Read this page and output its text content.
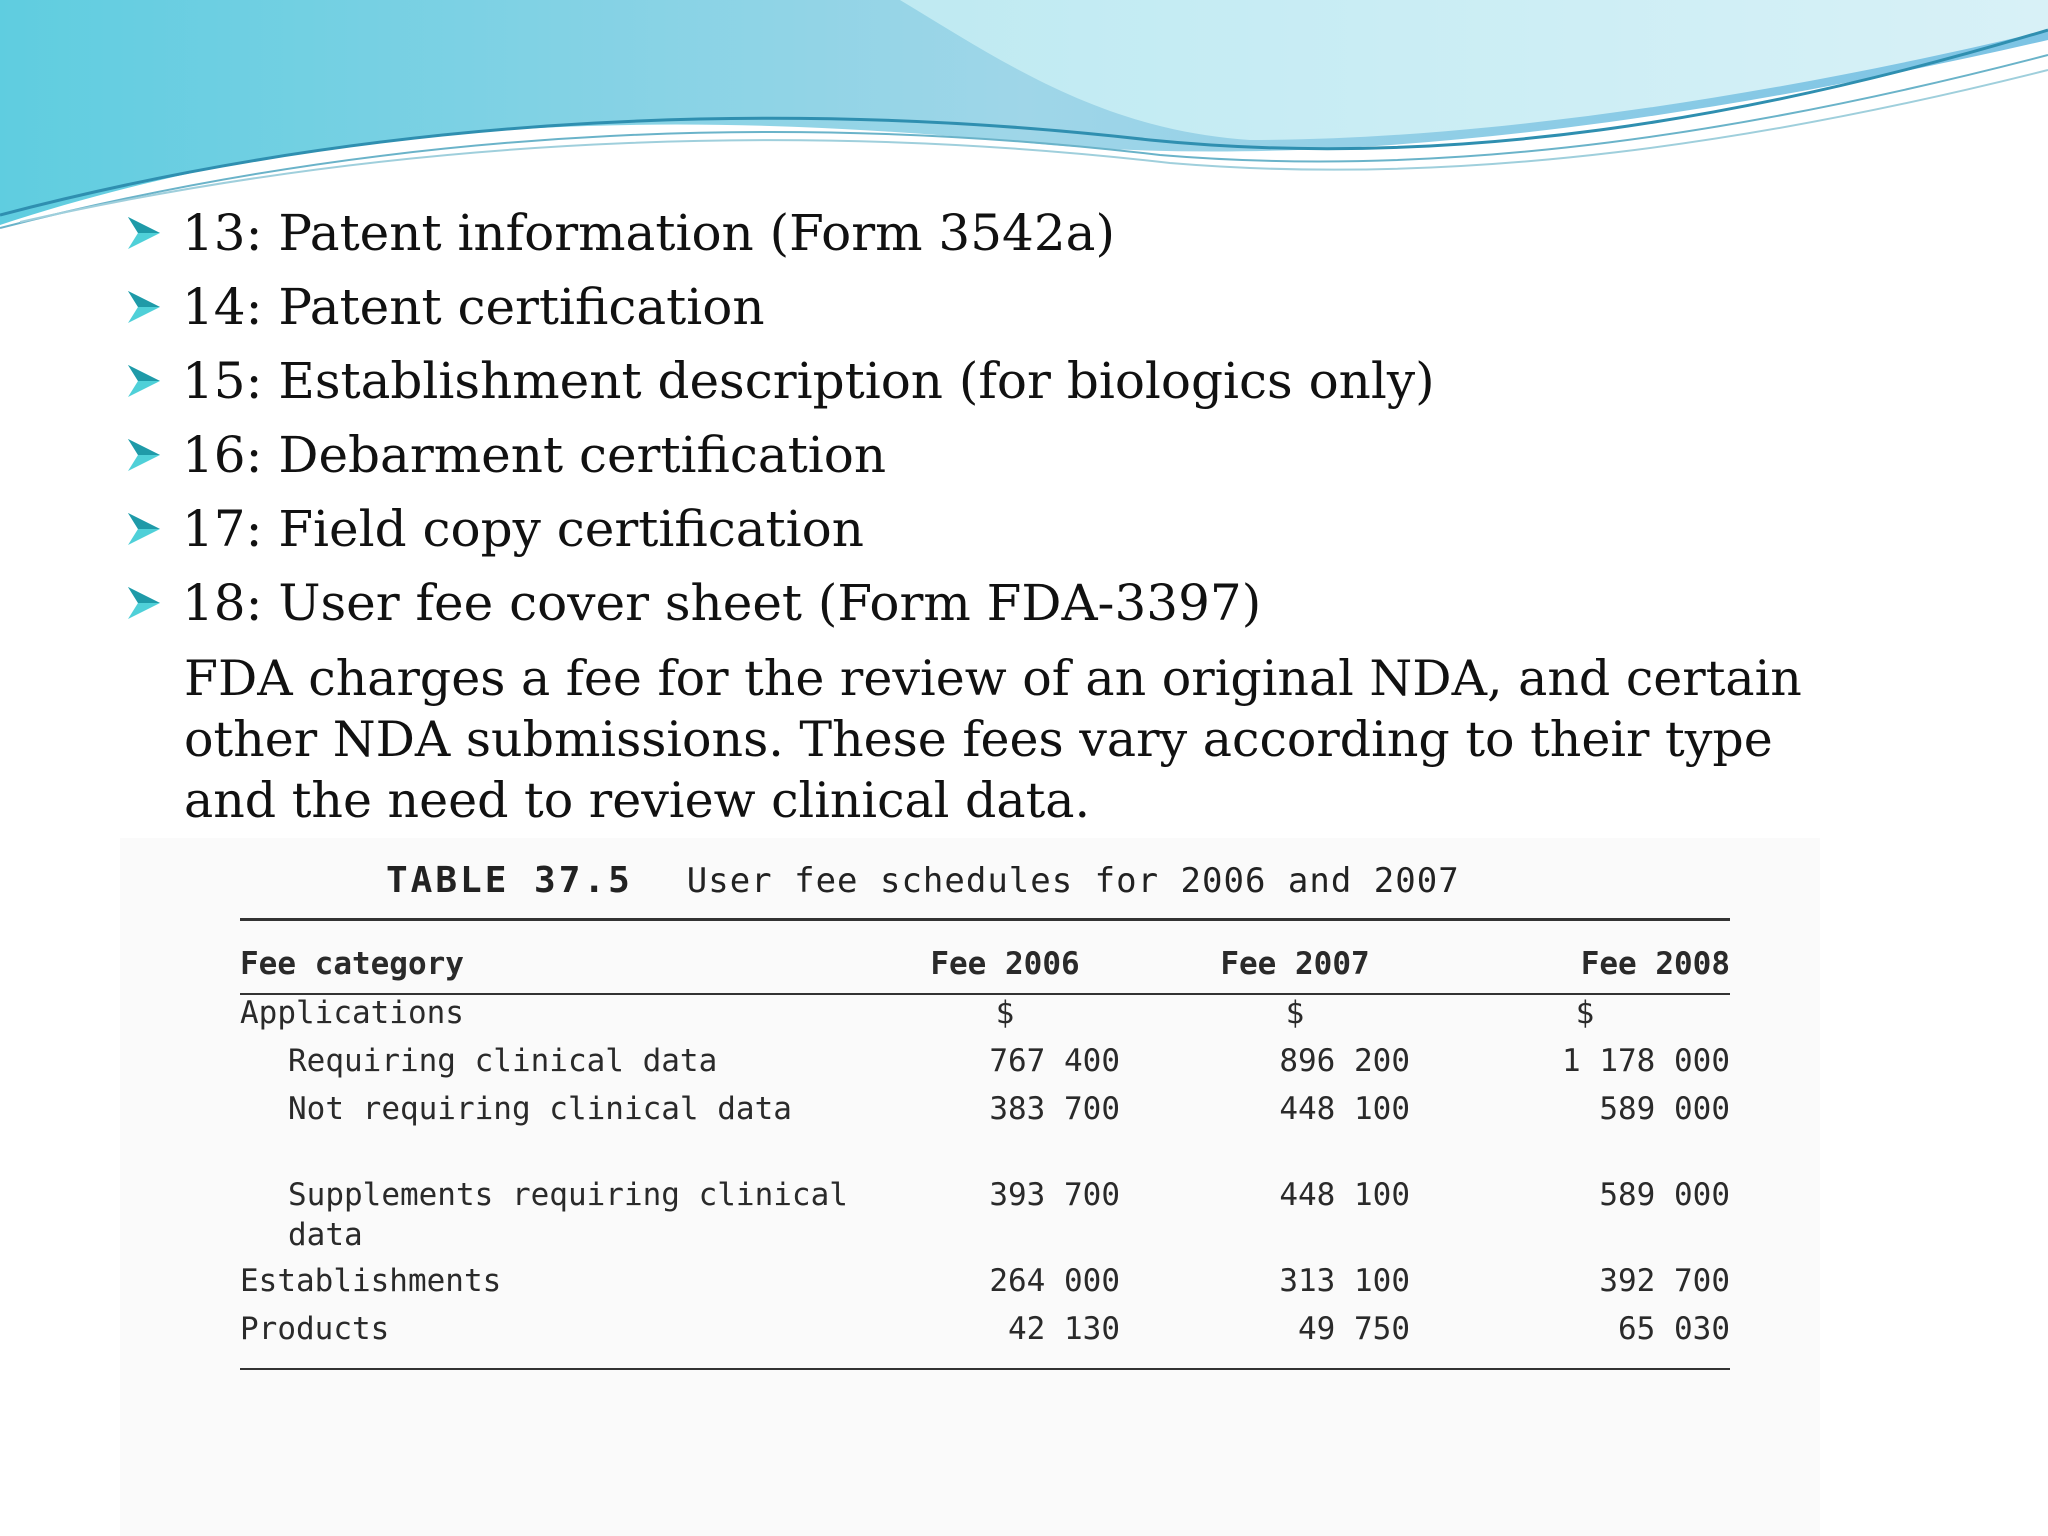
13: Patent information (Form 3542a)
14: Patent certification
15: Establishment description (for biologics only)
16: Debarment certification
17: Field copy certification
18: User fee cover sheet (Form FDA-3397)

FDA charges a fee for the review of an original NDA, and certain other NDA submissions. These fees vary according to their type and the need to review clinical data.

TABLE 37.5 User fee schedules for 2006 and 2007
Fee category	Fee 2006	Fee 2007	Fee 2008
Applications	$	$	$
Requiring clinical data	767 400	896 200	1 178 000
Not requiring clinical data	383 700	448 100	589 000
Supplements requiring clinical data	393 700	448 100	589 000
Establishments	264 000	313 100	392 700
Products	42 130	49 750	65 030
